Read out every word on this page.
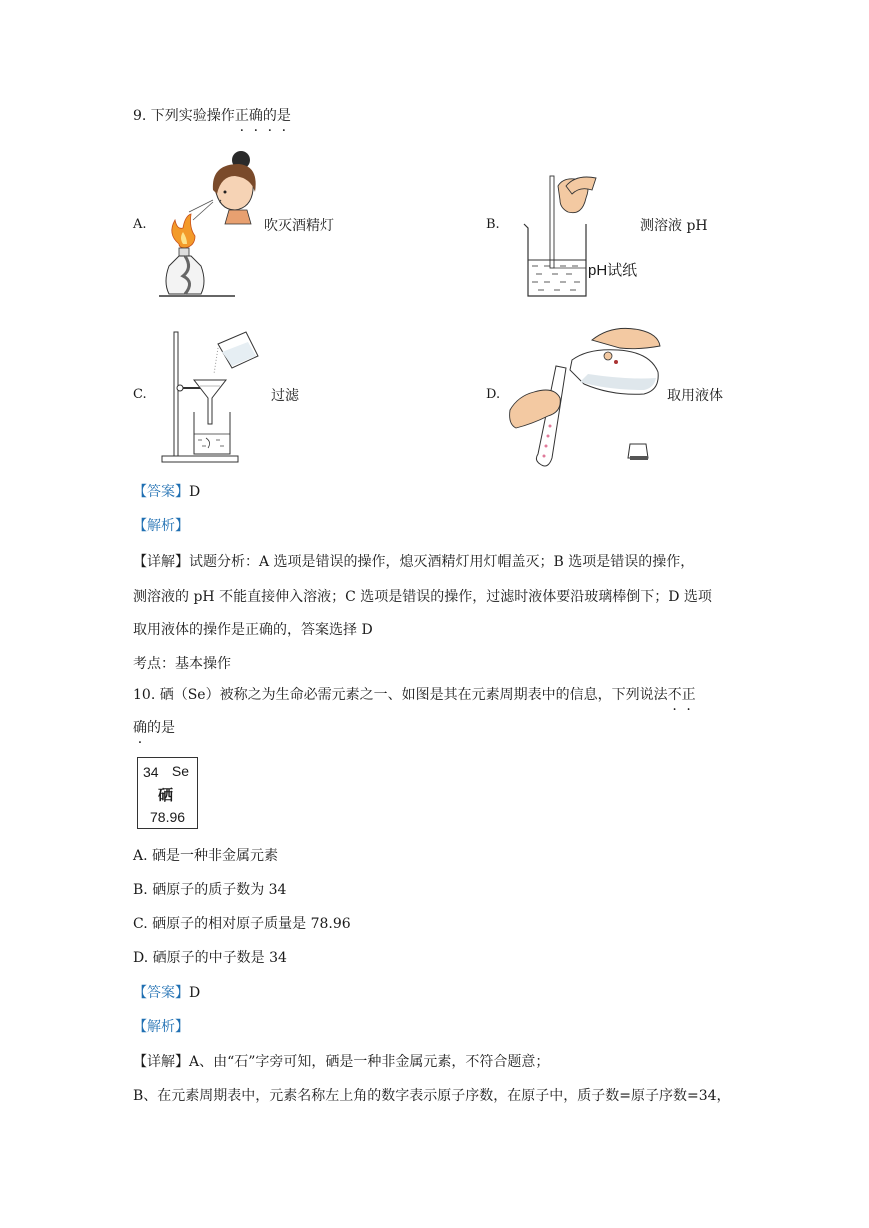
9. 下列实验操作正确的是
A.	吹灭酒精灯	B.
pH试纸
测溶液 pH
C.	过滤	D.	取用液体
【答案】D
【解析】
【详解】试题分析：A 选项是错误的操作，熄灭酒精灯用灯帽盖灭；B 选项是错误的操作，
测溶液的 pH 不能直接伸入溶液；C 选项是错误的操作，过滤时液体要沿玻璃棒倒下；D 选项
取用液体的操作是正确的，答案选择 D
考点：基本操作
10. 硒（Se）被称之为生命必需元素之一、如图是其在元素周期表中的信息，下列说法不正
确的是
34 Se
硒
78.96
A. 硒是一种非金属元素
B. 硒原子的质子数为 34
C. 硒原子的相对原子质量是 78.96
D. 硒原子的中子数是 34
【答案】D
【解析】
【详解】A、由“石”字旁可知，硒是一种非金属元素，不符合题意；
B、在元素周期表中，元素名称左上角的数字表示原子序数，在原子中，质子数=原子序数=34，
